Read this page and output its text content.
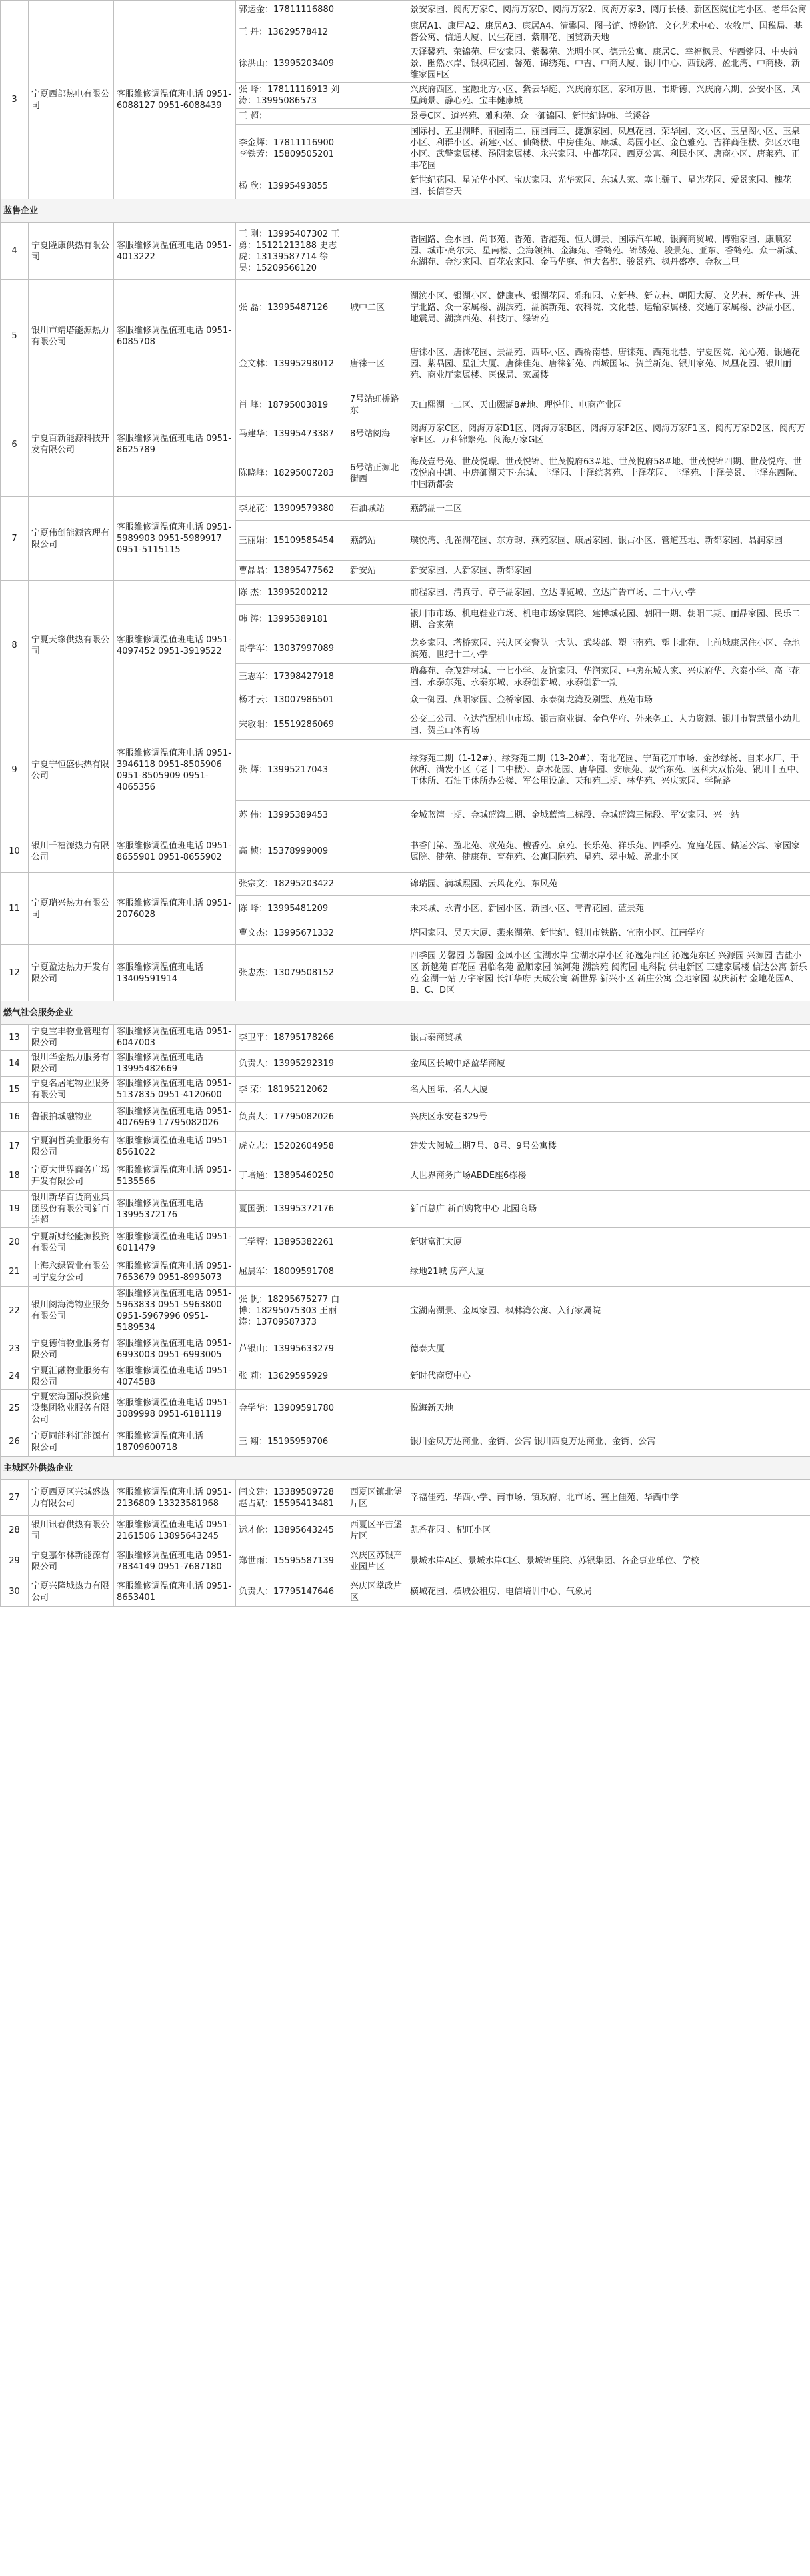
3	宁夏西部热电有限公司	客服维修调温值班电话 0951-6088127 0951-6088439	郭运金：17811116880		景安家园、阅海万家C、阅海万家D、阅海万家2、阅海万家3、阅厅长楼、新区医院住宅小区、老年公寓
			王 丹：13629578412		康居A1、康居A2、康居A3、康居A4、清馨园、图书馆、博物馆、文化艺术中心、农牧厅、国税局、基督公寓、信通大厦、民生花园、紫荆花、国贸新天地
			徐洪山：13995203409		天泽馨苑、荣锦苑、居安家园、紫馨苑、光明小区、德元公寓、康居C、幸福枫景、华西铭园、中央尚景、幽然水岸、银枫花园、馨苑、锦绣苑、中吉、中商大厦、银川中心、西钱湾、盈北湾、中商楼、新维家园F区
			张 峰：17811116913 刘 涛：13995086573		兴庆府西区、宝融北方小区、紫云华庭、兴庆府东区、家和万世、韦斯德、兴庆府六期、公安小区、凤凰尚景、静心苑、宝丰健康城
			王 超：		景曼C区、道兴苑、雅和苑、众一御锦园、新世纪诗韩、兰溪谷
			李金辉：17811116900 李铁芳：15809505201		国际村、五里湖畔、丽园南二、丽园南三、捷旗家园、凤凰花园、荣华园、文小区、玉皇阁小区、玉泉小区、利群小区、新建小区、仙鹤楼、中房佳苑、康城、葛园小区、金色雅苑、吉祥商住楼、郊区水电小区、武警家属楼、汤阴家属楼、永兴家园、中都花园、西夏公寓、利民小区、唐商小区、唐莱苑、正丰花园
			杨 欣：13995493855		新世纪花园、星光华小区、宝庆家园、光华家园、东城人家、塞上骄子、星光花园、爱景家园、槐花园、长信香天
蓝售企业					
4	宁夏隆康供热有限公司	客服维修调温值班电话 0951-4013222	王 刚：13995407302 王 勇：15121213188 史志虎：13139587714 徐 昊：15209566120		香园路、金水园、尚书苑、香苑、香港苑、恒大御景、国际汽车城、银商商贸城、博雅家园、康顺家园、城市·高尔夫、星南楼、金海领袖、金海苑、香鹤苑、锦绣苑、骏景苑、亚东、香鹤苑、众一新城、东湖苑、金沙家园、百花农家园、金马华庭、恒大名都、骏景苑、枫丹盛亭、金秋二里
5	银川市靖塔能源热力有限公司	客服维修调温值班电话 0951-6085708	张 磊：13995487126	城中二区	湖滨小区、银湖小区、健康巷、银湖花园、雅和园、立新巷、新立巷、朝阳大厦、文艺巷、新华巷、进宁北路、众一家属楼、湖滨苑、湖滨新苑、农科院、文化巷、运输家属楼、交通厅家属楼、沙湖小区、地震局、湖滨西苑、科技厅、绿锦苑
			金文林：13995298012	唐徕一区	唐徕小区、唐徕花园、景湖苑、西环小区、西桥南巷、唐徕苑、西苑北巷、宁夏医院、沁心苑、银通花园、紫晶园、星汇大厦、唐徕佳苑、唐徕新苑、西城国际、贺兰新苑、银川家苑、凤凰花园、银川丽苑、商业厅家属楼、医保局、家属楼
6	宁夏百新能源科技开发有限公司	客服维修调温值班电话 0951-8625789	肖 峰：18795003819	7号站虹桥路东	天山熙湖一二区、天山熙湖8#地、理悦佳、电商产业园
			马建华：13995473387	8号站阅海	阅海万家C区、阅海万家D1区、阅海万家B区、阅海万家F2区、阅海万家F1区、阅海万家D2区、阅海万家E区、万科锦繁苑、阅海万家G区
			陈晓峰：18295007283	6号站正源北街西	海茂壹号苑、世茂悦璟、世茂悦锦、世茂悦府63#地、世茂悦府58#地、世茂悦锦四期、世茂悦府、世茂悦府中凯、中房御湖天下·东城、丰泽园、丰泽缤茗苑、丰泽花园、丰泽苑、丰泽美景、丰泽东西院、中国新都会
7	宁夏伟创能源管理有限公司	客服维修调温值班电话 0951-5989903 0951-5989917 0951-5115115	李龙花：13909579380	石油城站	燕鸽湖一二区
			王丽娟：15109585454	燕鸽站	璞悦湾、孔雀湖花园、东方韵、燕苑家园、康居家园、银古小区、管道基地、新都家园、晶润家园
			曹晶晶：13895477562	新安站	新安家园、大新家园、新都家园
8	宁夏天缘供热有限公司	客服维修调温值班电话 0951-4097452 0951-3919522	陈 杰：13995200212		前程家园、清真寺、章子湖家园、立达博览城、立达广告市场、二十八小学
			韩 涛：13995389181		银川市市场、机电鞋业市场、机电市场家属院、建博城花园、朝阳一期、朝阳二期、丽晶家园、民乐二期、合家苑
			哥学军：13037997089		龙乡家园、塔桥家园、兴庆区交警队一大队、武装部、塑丰南苑、塑丰北苑、上前城康居住小区、金地滨苑、世纪十二小学
			王志军：17398427918		瑞鑫苑、金茂建材城、十七小学、友谊家园、华润家园、中房东城人家、兴庆府华、永泰小学、高丰花园、永泰东苑、永泰东城、永泰创新城、永泰创新一期
			杨才云：13007986501		众一御园、燕阳家园、金桥家园、永泰御龙湾及别墅、燕苑市场
9	宁夏宁恒盛供热有限公司	客服维修调温值班电话 0951-3946118 0951-8505906 0951-8505909 0951-4065356	宋敏阳：15519286069		公交二公司、立达汽配机电市场、银古商业街、金色华府、外来务工、人力资源、银川市智慧量小幼儿园、贺兰山体育场
			张 辉：13995217043		绿秀苑二期（1-12#）、绿秀苑二期（13-20#）、南北花园、宁苗花卉市场、金沙绿杨、自来水厂、干休所、满发小区（老十二中楼）、嘉木花园、唐华园、安康苑、双怡东苑、医科大双怡苑、银川十五中、干休所、石油干休所办公楼、军公用设施、天和苑二期、林华苑、兴庆家园、学院路
			苏 伟：13995389453		金城蓝湾一期、金城蓝湾二期、金城蓝湾二标段、金城蓝湾三标段、军安家园、兴一站
10	银川千禧源热力有限公司	客服维修调温值班电话 0951-8655901 0951-8655902	高 桢：15378999009		书香门第、盈北苑、欧苑苑、檀香苑、京苑、长乐苑、祥乐苑、四季苑、宽庭花园、储运公寓、家园家属院、健苑、健康苑、育苑苑、公寓国际苑、星苑、翠中城、盈北小区
11	宁夏瑞兴热力有限公司	客服维修调温值班电话 0951-2076028	张宗文：18295203422		锦瑞园、满城熙园、云风花苑、东风苑
			陈 峰：13995481209		未来城、永青小区、新园小区、新园小区、青青花园、蓝景苑
			曹文杰：13995671332		塔园家园、吴天大厦、燕来湖苑、新世纪、银川市铁路、宜南小区、江南学府
12	宁夏盈达热力开发有限公司	客服维修调温值班电话 13409591914	张忠杰：13079508152		四季园 芳馨园 芳馨园 金凤小区 宝湖水岸 宝湖水岸小区 沁逸苑西区 沁逸苑东区 兴源园 兴源园 吉盐小区 新越苑 百花园 君临名苑 盈顺家园 滨河苑 湖滨苑 阅海园 电科院 供电新区 三建家属楼 信达公寓 新乐苑 金湖一站 万宇家园 长江华府 天成公寓 新世界 新兴小区 新庄公寓 金地家园 双庆新村 金地花园A、B、C、D区
燃气社会服务企业					
13	宁夏宝丰物业管理有限公司	客服维修调温值班电话 0951-6047003	李卫平：18795178266		银古泰商贸城
14	银川华金热力服务有限公司	客服维修调温值班电话 13995482669	负责人：13995292319		金凤区长城中路盈华商厦
15	宁夏名居宅物业服务有限公司	客服维修调温值班电话 0951-5137835 0951-4120600	李 荣：18195212062		名人国际、名人大厦
16	鲁银拍城融物业	客服维修调温值班电话 0951-4076969 17795082026	负责人：17795082026		兴庆区永安巷329号
17	宁夏润哲美业服务有限公司	客服维修调温值班电话 0951-8561022	虎立志：15202604958		建发大阅城二期7号、8号、9号公寓楼
18	宁夏大世界商务广场开发有限公司	客服维修调温值班电话 0951-5135566	丁培通：13895460250		大世界商务广场ABDE座6栋楼
19	银川新华百货商业集团股份有限公司新百连超	客服维修调温值班电话 13995372176	夏国强：13995372176		新百总店 新百购物中心 北园商场
20	宁夏新财经能源投资有限公司	客服维修调温值班电话 0951-6011479	王学辉：13895382261		新财富汇大厦
21	上海永绿置业有限公司宁夏分公司	客服维修调温值班电话 0951-7653679 0951-8995073	屈晨军：18009591708		绿地21城 房产大厦
22	银川阅海湾物业服务有限公司	客服维修调温值班电话 0951-5963833 0951-5963800 0951-5967996 0951-5189534	张 帆：18295675277 白 博：18295075303 王丽涛：13709587373		宝湖南湖景、金凤家园、枫林湾公寓、入行家属院
23	宁夏德信物业服务有限公司	客服维修调温值班电话 0951-6993003 0951-6993005	芦银山：13995633279		德泰大厦
24	宁夏汇融物业服务有限公司	客服维修调温值班电话 0951-4074588	张 莉：13629595929		新时代商贸中心
25	宁夏宏海国际投资建设集团物业服务有限公司	客服维修调温值班电话 0951-3089998 0951-6181119	金学华：13909591780		悦海新天地
26	宁夏同能科汇能源有限公司	客服维修调温值班电话 18709600718	王 翔：15195959706		银川金凤万达商业、金街、公寓 银川西夏万达商业、金街、公寓
主城区外供热企业					
27	宁夏西夏区兴城盛热力有限公司	客服维修调温值班电话 0951-2136809 13323581968	闫文建：13389509728 赵占斌：15595413481	西夏区镇北堡片区	幸福佳苑、华西小学、南市场、镇政府、北市场、塞上佳苑、华西中学
28	银川讯春供热有限公司	客服维修调温值班电话 0951-2161506 13895643245	运才伦：13895643245	西夏区平吉堡片区	凯香花园 、杞旺小区
29	宁夏嘉尔林新能源有限公司	客服维修调温值班电话 0951-7834149 0951-7687180	郑世雨：15595587139	兴庆区苏银产业园片区	景城水岸A区、景城水岸C区、景城锦里院、苏银集团、各企事业单位、学校
30	宁夏兴隆城热力有限公司	客服维修调温值班电话 0951-8653401	负责人：17795147646	兴庆区掌政片区	横城花园、横城公租房、电信培训中心、气象局
